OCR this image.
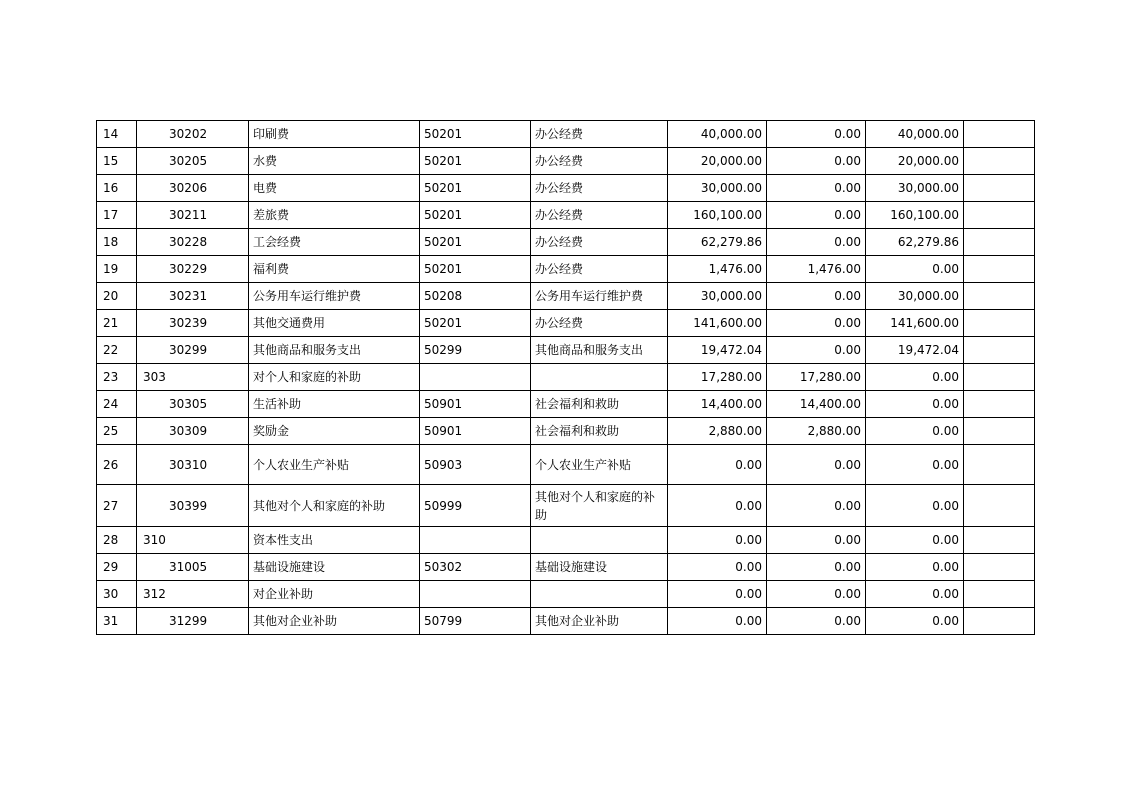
14	30202	印刷费	50201	办公经费	40,000.00	0.00	40,000.00	
15	30205	水费	50201	办公经费	20,000.00	0.00	20,000.00	
16	30206	电费	50201	办公经费	30,000.00	0.00	30,000.00	
17	30211	差旅费	50201	办公经费	160,100.00	0.00	160,100.00	
18	30228	工会经费	50201	办公经费	62,279.86	0.00	62,279.86	
19	30229	福利费	50201	办公经费	1,476.00	1,476.00	0.00	
20	30231	公务用车运行维护费	50208	公务用车运行维护费	30,000.00	0.00	30,000.00	
21	30239	其他交通费用	50201	办公经费	141,600.00	0.00	141,600.00	
22	30299	其他商品和服务支出	50299	其他商品和服务支出	19,472.04	0.00	19,472.04	
23	303	对个人和家庭的补助			17,280.00	17,280.00	0.00	
24	30305	生活补助	50901	社会福利和救助	14,400.00	14,400.00	0.00	
25	30309	奖励金	50901	社会福利和救助	2,880.00	2,880.00	0.00	
26	30310	个人农业生产补贴	50903	个人农业生产补贴	0.00	0.00	0.00	
27	30399	其他对个人和家庭的补助	50999	其他对个人和家庭的补助	0.00	0.00	0.00	
28	310	资本性支出			0.00	0.00	0.00	
29	31005	基础设施建设	50302	基础设施建设	0.00	0.00	0.00	
30	312	对企业补助			0.00	0.00	0.00	
31	31299	其他对企业补助	50799	其他对企业补助	0.00	0.00	0.00	
